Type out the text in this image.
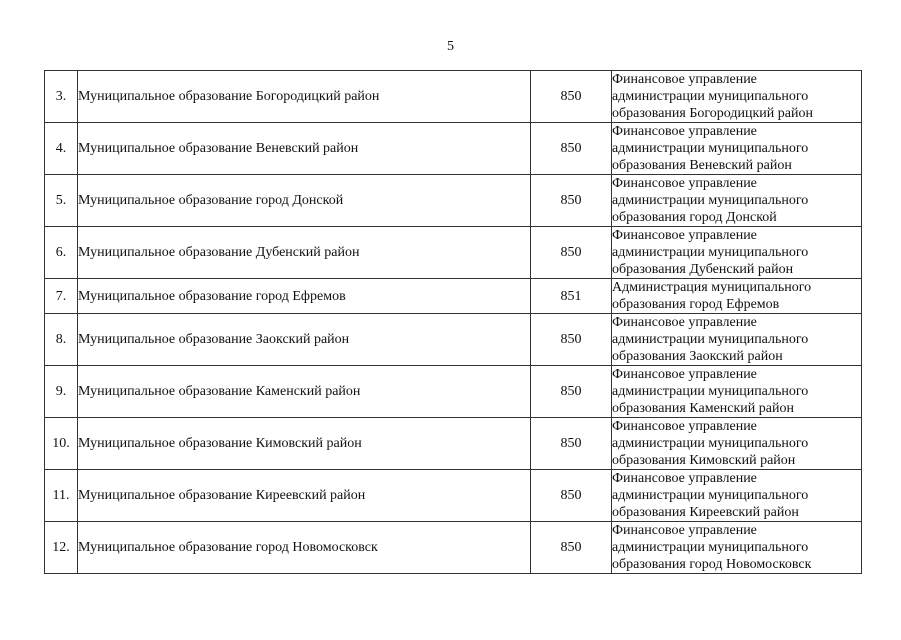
5
3.	Муниципальное образование Богородицкий район	850	Финансовое управление
администрации муниципального
образования Богородицкий район

4.	Муниципальное образование Веневский район	850	Финансовое управление
администрации муниципального
образования Веневский район

5.	Муниципальное образование город Донской	850	Финансовое управление
администрации муниципального
образования город Донской

6.	Муниципальное образование Дубенский район	850	Финансовое управление
администрации муниципального
образования Дубенский район

7.	Муниципальное образование город Ефремов	851	Администрация муниципального
образования город Ефремов

8.	Муниципальное образование Заокский район	850	Финансовое управление
администрации муниципального
образования Заокский район

9.	Муниципальное образование Каменский район	850	Финансовое управление
администрации муниципального
образования Каменский район

10.	Муниципальное образование Кимовский район	850	Финансовое управление
администрации муниципального
образования Кимовский район

11.	Муниципальное образование Киреевский район	850	Финансовое управление
администрации муниципального
образования Киреевский район

12.	Муниципальное образование город Новомосковск	850	Финансовое управление
администрации муниципального
образования город Новомосковск
